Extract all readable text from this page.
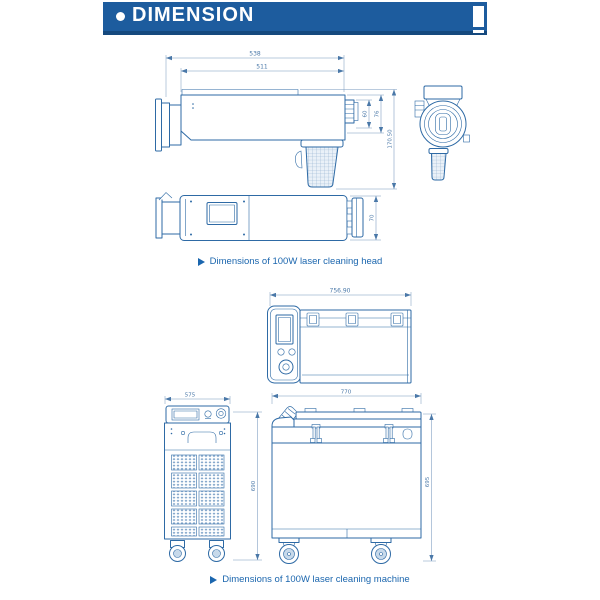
DIMENSION
538
511
60 76
170.50
70
756.90
575
690
770
695
Dimensions of 100W laser cleaning head
Dimensions of 100W laser cleaning machine
